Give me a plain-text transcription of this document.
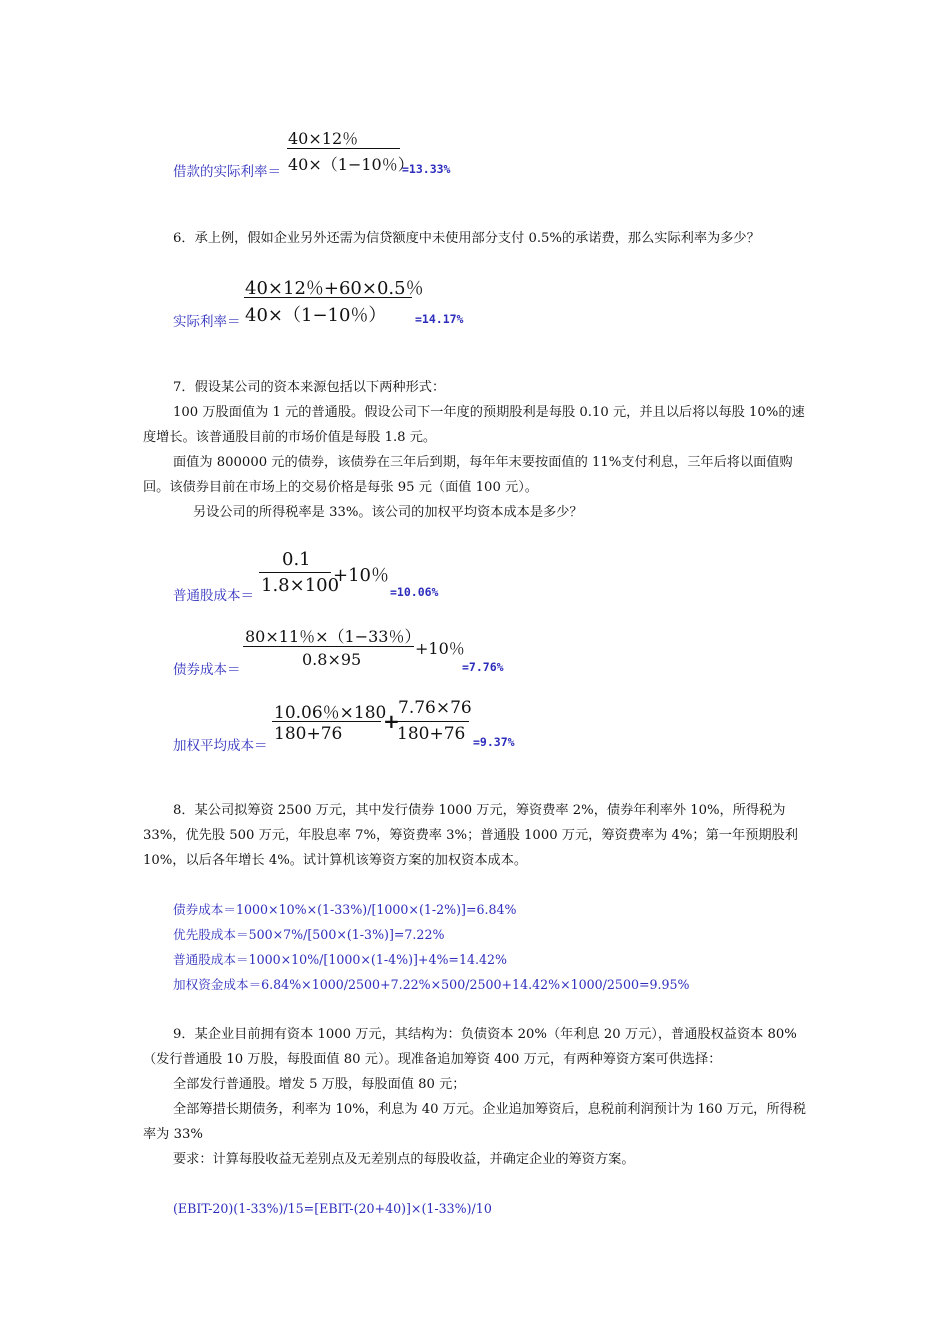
借款的实际利率＝
40×12％
40×（1−10％）
=13.33%

6．承上例，假如企业另外还需为信贷额度中未使用部分支付 0.5%的承诺费，那么实际利率为多少？

实际利率＝
40×12％+60×0.5％
40×（1−10％） =14.17%

7．假设某公司的资本来源包括以下两种形式：

100 万股面值为 1 元的普通股。假设公司下一年度的预期股利是每股 0.10 元，并且以后将以每股 10%的速度增长。该普通股目前的市场价值是每股 1.8 元。

面值为 800000 元的债券，该债券在三年后到期，每年年末要按面值的 11%支付利息，三年后将以面值购回。该债券目前在市场上的交易价格是每张 95 元（面值 100 元）。

另设公司的所得税率是 33%。该公司的加权平均资本成本是多少？

普通股成本＝
0.1
1.8×100
+10％
=10.06%
债券成本＝
80×11％×（1−33％）
0.8×95
+10％
=7.76%
加权平均成本＝
10.06％×180
180+76
+
7.76×76
180+76 =9.37%

8．某公司拟筹资 2500 万元，其中发行债券 1000 万元，筹资费率 2%，债券年利率外 10%，所得税为 33%，优先股 500 万元，年股息率 7%，筹资费率 3%；普通股 1000 万元，筹资费率为 4%；第一年预期股利 10%，以后各年增长 4%。试计算机该筹资方案的加权资本成本。

债券成本＝1000×10%×(1-33%)/[1000×(1-2%)]=6.84%
优先股成本＝500×7%/[500×(1-3%)]=7.22%
普通股成本＝1000×10%/[1000×(1-4%)]+4%=14.42%
加权资金成本＝6.84%×1000/2500+7.22%×500/2500+14.42%×1000/2500=9.95%

9．某企业目前拥有资本 1000 万元，其结构为：负债资本 20%（年利息 20 万元），普通股权益资本 80%（发行普通股 10 万股，每股面值 80 元）。现准备追加筹资 400 万元，有两种筹资方案可供选择：

全部发行普通股。增发 5 万股，每股面值 80 元；

全部筹措长期债务，利率为 10%，利息为 40 万元。企业追加筹资后，息税前利润预计为 160 万元，所得税率为 33%

要求：计算每股收益无差别点及无差别点的每股收益，并确定企业的筹资方案。

(EBIT-20)(1-33%)/15=[EBIT-(20+40)]×(1-33%)/10
